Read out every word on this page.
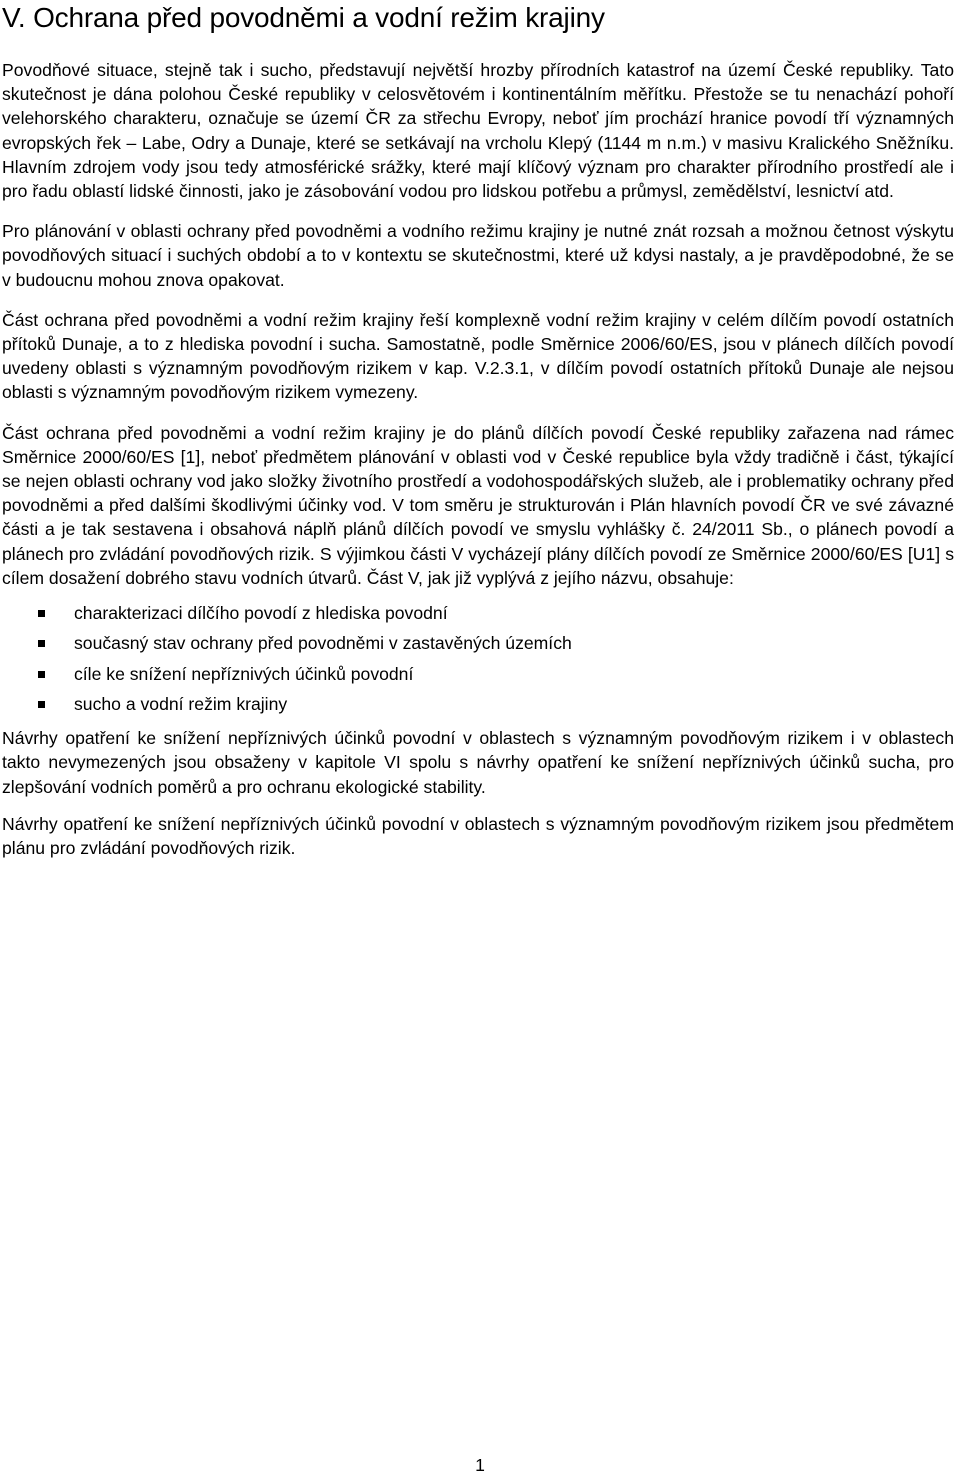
V. Ochrana před povodněmi a vodní režim krajiny

Povodňové situace, stejně tak i sucho, představují největší hrozby přírodních katastrof na území České republiky. Tato skutečnost je dána polohou České republiky v celosvětovém i kontinentálním měřítku. Přestože se tu nenachází pohoří velehorského charakteru, označuje se území ČR za střechu Evropy, neboť jím prochází hranice povodí tří významných evropských řek – Labe, Odry a Dunaje, které se setkávají na vrcholu Klepý (1144 m n.m.) v masivu Kralického Sněžníku. Hlavním zdrojem vody jsou tedy atmosférické srážky, které mají klíčový význam pro charakter přírodního prostředí ale i pro řadu oblastí lidské činnosti, jako je zásobování vodou pro lidskou potřebu a průmysl, zemědělství, lesnictví atd.

Pro plánování v oblasti ochrany před povodněmi a vodního režimu krajiny je nutné znát rozsah a možnou četnost výskytu povodňových situací i suchých období a to v kontextu se skutečnostmi, které už kdysi nastaly, a je pravděpodobné, že se v budoucnu mohou znova opakovat.

Část ochrana před povodněmi a vodní režim krajiny řeší komplexně vodní režim krajiny v celém dílčím povodí ostatních přítoků Dunaje, a to z hlediska povodní i sucha. Samostatně, podle Směrnice 2006/60/ES, jsou v plánech dílčích povodí uvedeny oblasti s významným povodňovým rizikem v kap. V.2.3.1, v dílčím povodí ostatních přítoků Dunaje ale nejsou oblasti s významným povodňovým rizikem vymezeny.

Část ochrana před povodněmi a vodní režim krajiny je do plánů dílčích povodí České republiky zařazena nad rámec Směrnice 2000/60/ES [1], neboť předmětem plánování v oblasti vod v České republice byla vždy tradičně i část, týkající se nejen oblasti ochrany vod jako složky životního prostředí a vodohospodářských služeb, ale i problematiky ochrany před povodněmi a před dalšími škodlivými účinky vod. V tom směru je strukturován i Plán hlavních povodí ČR ve své závazné části a je tak sestavena i obsahová náplň plánů dílčích povodí ve smyslu vyhlášky č. 24/2011 Sb., o plánech povodí a plánech pro zvládání povodňových rizik. S výjimkou části V vycházejí plány dílčích povodí ze Směrnice 2000/60/ES [U1] s cílem dosažení dobrého stavu vodních útvarů. Část V, jak již vyplývá z jejího názvu, obsahuje:

charakterizaci dílčího povodí z hlediska povodní
současný stav ochrany před povodněmi v zastavěných územích
cíle ke snížení nepříznivých účinků povodní
sucho a vodní režim krajiny

Návrhy opatření ke snížení nepříznivých účinků povodní v oblastech s významným povodňovým rizikem i v oblastech takto nevymezených jsou obsaženy v kapitole VI spolu s návrhy opatření ke snížení nepříznivých účinků sucha, pro zlepšování vodních poměrů a pro ochranu ekologické stability.

Návrhy opatření ke snížení nepříznivých účinků povodní v oblastech s významným povodňovým rizikem jsou předmětem plánu pro zvládání povodňových rizik.

1
